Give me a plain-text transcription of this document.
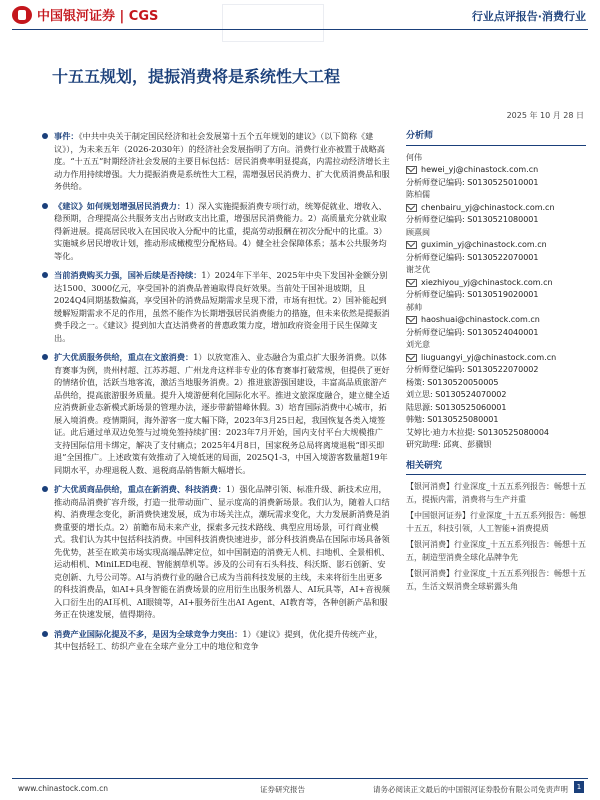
中国银河证券 | CGS	行业点评报告·消费行业
十五五规划，提振消费将是系统性大工程
2025 年 10 月 28 日

事件：《中共中央关于制定国民经济和社会发展第十五个五年规划的建议》（以下简称《建议》），为未来五年（2026-2030年）的经济社会发展指明了方向。消费行业亦被置于战略高度。“十五五”时期经济社会发展的主要目标包括：居民消费率明显提高，内需拉动经济增长主动力作用持续增强。大力提振消费是系统性大工程，需增强居民消费力、扩大优质消费品和服务供给。

《建议》如何规划增强居民消费力：1）深入实施提振消费专项行动，统筹促就业、增收入、稳预期，合理提高公共服务支出占财政支出比重，增强居民消费能力。2）高质量充分就业取得新进展。提高居民收入在国民收入分配中的比重，提高劳动报酬在初次分配中的比重。3）实施城乡居民增收计划，推动形成橄榄型分配格局。4）健全社会保障体系；基本公共服务均等化。

当前消费购买力强，国补后续是否持续：1）2024年下半年、2025年中央下发国补金额分别达1500、3000亿元，享受国补的消费品普遍取得良好效果。当前处于国补退坡期，且2024Q4同期基数偏高，享受国补的消费品短期需求呈现下滑，市场有担忧。2）国补能起到缓解短期需求不足的作用，虽然不能作为长期增强居民消费能力的措施，但未来依然是提振消费手段之一。《建议》提到加大直达消费者的普惠政策力度，增加政府资金用于民生保障支出。

扩大优质服务供给，重点在文旅消费：1）以放宽准入、业态融合为重点扩大服务消费。以体育赛事为例，贵州村超、江苏苏超、广州龙舟这样非专业的体育赛事打破常规，但提供了更好的情绪价值，活跃当地客流，激活当地服务消费。2）推进旅游强国建设，丰富高品质旅游产品供给，提高旅游服务质量。提升入境游便利化国际化水平。推进文旅深度融合，建立健全适应消费新业态新模式新场景的管理办法，逐步带薪错峰休假。3）培育国际消费中心城市，拓展入境消费。疫情期间，海外游客一度大幅下降，2023年3月25日起，我国恢复各类入境签证。此后通过单双边免签与过境免签持续扩围：2023年7月开始，国内支付平台大规模推广支持国际信用卡绑定，解决了支付痛点；2025年4月8日，国家税务总局将离境退税“即买即退”全国推广。上述政策有效推动了入境低迷的局面，2025Q1-3，中国入境游客数量超19年同期水平，办理退税人数、退税商品销售额大幅增长。

扩大优质商品供给，重点在新消费、科技消费：1）强化品牌引领、标准升级、新技术应用，推动商品消费扩容升级，打造一批带动面广、显示度高的消费新场景。我们认为，随着人口结构、消费理念变化，新消费快速发展，成为市场关注点，潮玩需求变化，大力发展新消费是消费重要的增长点。2）前瞻布局未来产业，探索多元技术路线、典型应用场景，可行商业模式。我们认为其中包括科技消费。中国科技消费快速进步，部分科技消费品在国际市场具备领先优势，甚至在欧美市场实现高端品牌定位，如中国制造的消费无人机、扫地机、全景相机、运动相机、MiniLED电视、智能割草机等。涉及的公司有石头科技、科沃斯、影石创新、安克创新、九号公司等。AI与消费行业的融合已成为当前科技发展的主线，未来将衍生出更多的科技消费品，如AI+具身智能在消费场景的应用衍生出服务机器人、AI玩具等，AI+音视频入口衍生出的AI耳机、AI眼镜等，AI+服务衍生出AI Agent、AI教育等，各种创新产品和服务正在快速发展，值得期待。

消费产业国际化提及不多，是因为全球竞争力突出：1）《建议》提到，优化提升传统产业，其中包括轻工、纺织产业在全球产业分工中的地位和竞争

分析师
何伟
hewei_yj@chinastock.com.cn
分析师登记编码: S0130525010001
陈柏儒
chenbairu_yj@chinastock.com.cn
分析师登记编码: S0130521080001
顾熹闽
guximin_yj@chinastock.com.cn
分析师登记编码: S0130522070001
谢芝优
xiezhiyou_yj@chinastock.com.cn
分析师登记编码: S0130519020001
郝帅
haoshuai@chinastock.com.cn
分析师登记编码: S0130524040001
刘光意
liuguangyi_yj@chinastock.com.cn
分析师登记编码: S0130522070002
杨策: S0130520050005
刘立思: S0130524070002
陆思源: S0130525060001
韩勉: S0130525080001
艾婷比·迪力木拉提: S0130525080004
研究助理: 邱爽、彭骥钡
相关研究
【银河消费】行业深度_十五五系列报告：畅想十五五，提振内需，消费将与生产并重
【中国银河证券】行业深度_十五五系列报告：畅想十五五，科技引领，人工智能+消费提质
【银河消费】行业深度_十五五系列报告：畅想十五五，制造型消费全球化品牌争先
【银河消费】行业深度_十五五系列报告：畅想十五五，生活文娱消费全球崭露头角
www.chinastock.com.cn	证券研究报告	请务必阅读正文最后的中国银河证券股份有限公司免责声明	1
